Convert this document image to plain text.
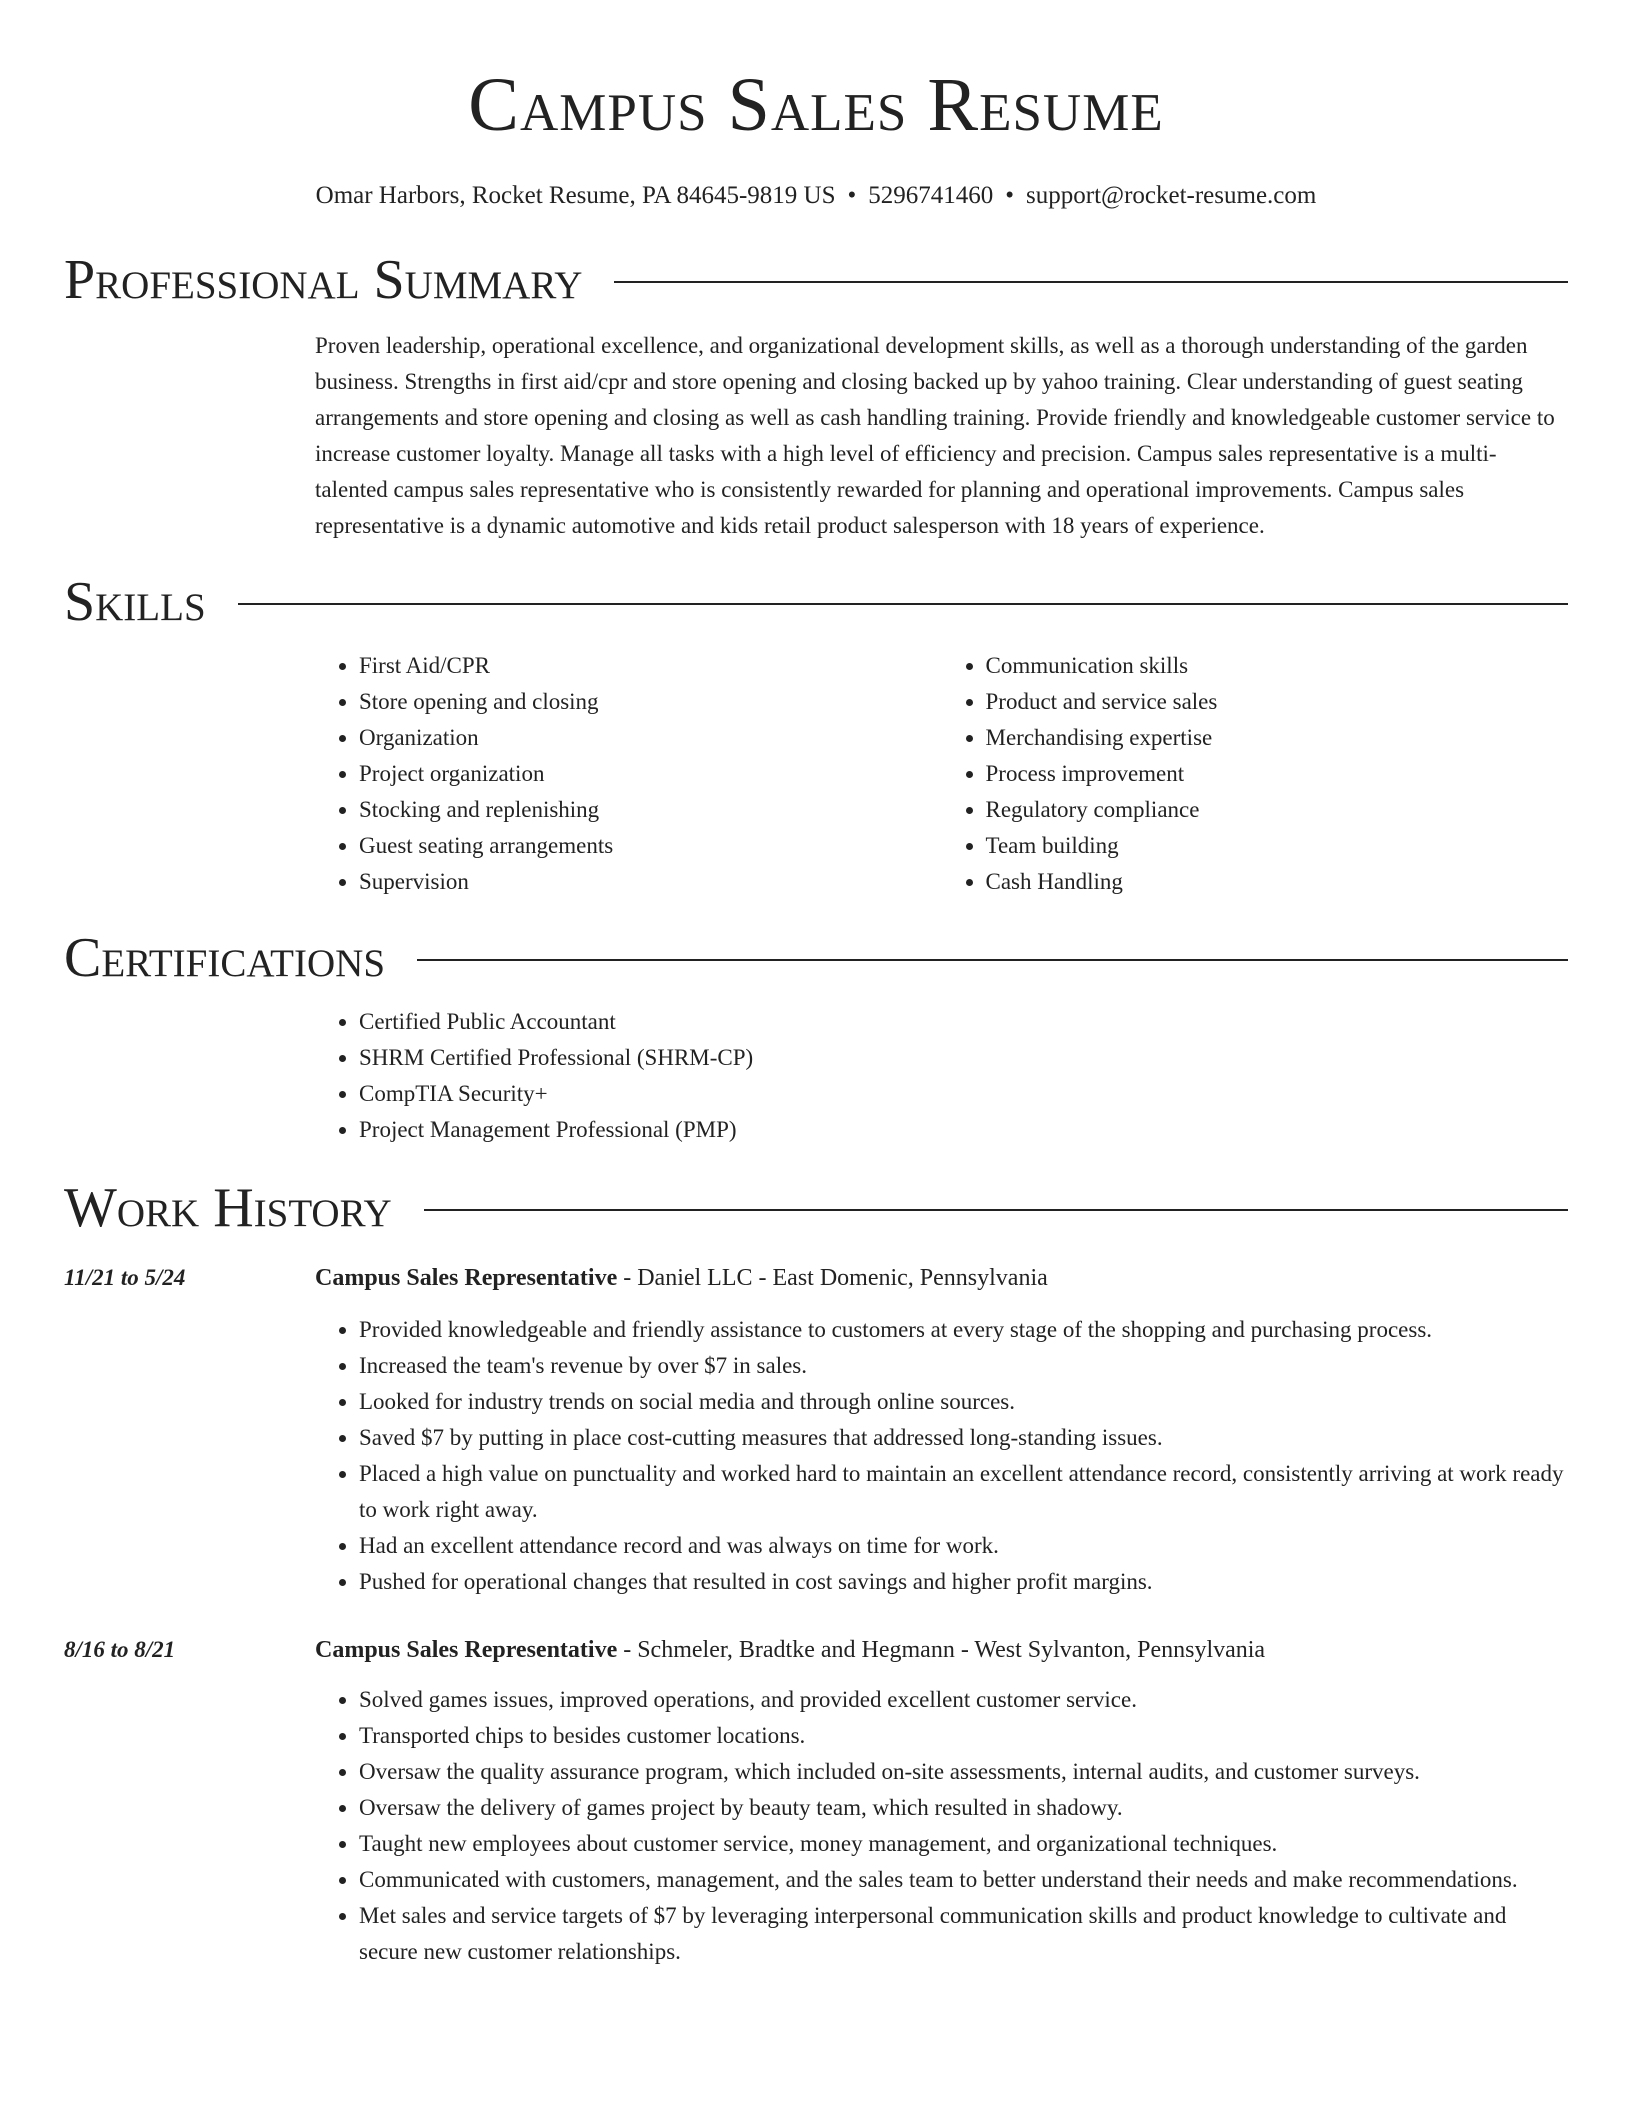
Campus Sales Resume
Omar Harbors, Rocket Resume, PA 84645-9819 US • 5296741460 • support@rocket-resume.com
Professional Summary

Proven leadership, operational excellence, and organizational development skills, as well as a thorough understanding of the garden business. Strengths in first aid/cpr and store opening and closing backed up by yahoo training. Clear understanding of guest seating arrangements and store opening and closing as well as cash handling training. Provide friendly and knowledgeable customer service to increase customer loyalty. Manage all tasks with a high level of efficiency and precision. Campus sales representative is a multi-talented campus sales representative who is consistently rewarded for planning and operational improvements. Campus sales representative is a dynamic automotive and kids retail product salesperson with 18 years of experience.

Skills
• First Aid/CPR
• Store opening and closing
• Organization
• Project organization
• Stocking and replenishing
• Guest seating arrangements
• Supervision
• Communication skills
• Product and service sales
• Merchandising expertise
• Process improvement
• Regulatory compliance
• Team building
• Cash Handling
Certifications
• Certified Public Accountant
• SHRM Certified Professional (SHRM-CP)
• CompTIA Security+
• Project Management Professional (PMP)
Work History
11/21 to 5/24	Campus Sales Representative - Daniel LLC - East Domenic, Pennsylvania
• Provided knowledgeable and friendly assistance to customers at every stage of the shopping and purchasing process.
• Increased the team's revenue by over $7 in sales.
• Looked for industry trends on social media and through online sources.
• Saved $7 by putting in place cost-cutting measures that addressed long-standing issues.
• Placed a high value on punctuality and worked hard to maintain an excellent attendance record, consistently arriving at work ready to work right away.
• Had an excellent attendance record and was always on time for work.
• Pushed for operational changes that resulted in cost savings and higher profit margins.
8/16 to 8/21	Campus Sales Representative - Schmeler, Bradtke and Hegmann - West Sylvanton, Pennsylvania
• Solved games issues, improved operations, and provided excellent customer service.
• Transported chips to besides customer locations.
• Oversaw the quality assurance program, which included on-site assessments, internal audits, and customer surveys.
• Oversaw the delivery of games project by beauty team, which resulted in shadowy.
• Taught new employees about customer service, money management, and organizational techniques.
• Communicated with customers, management, and the sales team to better understand their needs and make recommendations.
• Met sales and service targets of $7 by leveraging interpersonal communication skills and product knowledge to cultivate and secure new customer relationships.
